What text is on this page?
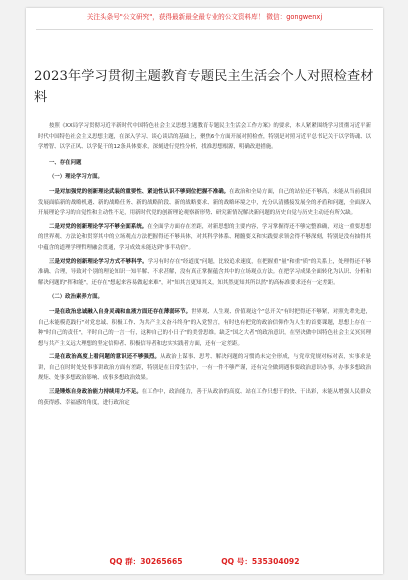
关注头条号"公文研究"，获得最新最全最专业的公文资料库！ 微信：gongwenxj
2023年学习贯彻主题教育专题民主生活会个人对照检查材料

按照《XX局学习贯彻习近平新时代中国特色社会主义思想主题教育专题民主生活会工作方案》的要求，本人紧紧围绕学习贯彻习近平新时代中国特色社会主义思想主题，在深入学习、谈心谈话的基础上，聚焦6个方面开展对照检查，特别是对照习近平总书记关于以学铸魂、以学增智、以学正风、以学促干的12条具体要求，深刻进行党性分析，找准思想根源，明确改进措施。

一、存在问题

（一）理论学习方面。

一是对加强党的创新理论武装的重要性、紧迫性认识不够到位把握不准确。在政治和全局方面，自己的站位还不够高，未能从当前我国发展面临新的战略机遇、新的战略任务、新的战略阶段、新的战略要求、新的战略环境之中，充分认清播接发展全的矛盾和问题，全面深入开展理论学习的自觉性和主动性不足，用新时代党的创新理论观察新形势、研究新情况解决新问题的历史自觉与历史主动还有所欠缺。

二是对党的创新理论学习不够全面系统。在全面学方面存在差距，对新思想的主要内容，学习掌握得还不够完整准确，对这一重要思想的世界观、方法论和贯穿其中的立场观点方法把握得还不够具体，对其科学体系、精髓要义和实践要求领会得不够深刻，特别是没有抽得其中蕴含的道理学理哲理融会贯通，学习成效未能达到"事半功倍"。

三是对党的创新理论学习方式不够科学。学习有时存在"经道度"问题，比较追求速度，在把握重"量"和重"质"的关系上，处理得还不够准确、合理，导致对个别的理论知识一知半解、不求甚解，没有真正掌握蕴含其中的立场观点方法。在把学习成果全面转化为认识、分析和解决问题的"挥和能"，还存在"想起来容易做起来难"，对"知其言更知其义，知其然更知其所以然"的高标准要求还有一定差距。

（二）政治素养方面。

一是在政治忠诚融入自身灵魂和血液方面还存在薄弱环节。世界观、人生观、价值观这个"总开关"有时把得还不够紧，对照先辈先进，自己未能模范践行"对党忠诚、积极工作、为共产主义奋斗终身"的入党誓言，有时也有把党的政治信仰作为人生的首要课题，思想上存在一种"时自己的责任"，平时自己的一言一行，这种自己的小日子"的美誉思维。缺乏"国之大者"的政治意识，在坚决做中国特色社会主义冥冥理想与共产主义远大理想的坚定信仰者、积极信导者和忠实实践者方面，还有一定差距。

二是在政治高度上看问题的意识还不够强烈。从政治上谋事、思考、解决问题的习惯尚未完全形成，与党章党规对标对表，实事求是讲，自己在时时处处事事讲政治方面有差距，特别是在日常生活中，一有一件不够严谨，还有完全做到遇事要政治意识办事，办事多想政治规矩、处事多想政治影响、成事多想政治效果。

三是锤炼自身政治能力持续用力不足。在工作中，政治能力，善于从政治的高度、站在工作只想干的快、干出彩，未能从增强人民群众的获得感、幸福感的角度，进行政治定

QQ 群：30265665	QQ 号：535304092
